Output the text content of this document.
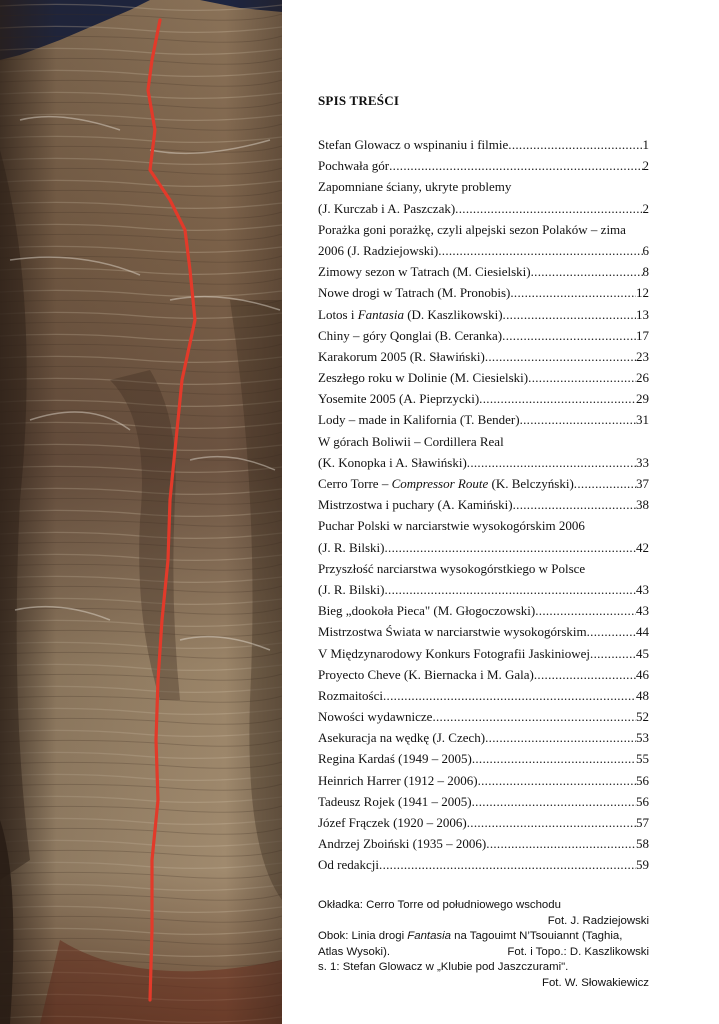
SPIS TREŚCI
Stefan Glowacz o wspinaniu i filmie .....	1
Pochwała gór .....	2
Zapomniane ściany, ukryte problemy
(J. Kurczab i A. Paszczak) .....	2
Porażka goni porażkę, czyli alpejski sezon Polaków – zima
2006 (J. Radziejowski) .....	6
Zimowy sezon w Tatrach (M. Ciesielski) .....	8
Nowe drogi w Tatrach (M. Pronobis) .....	12
Lotos i Fantasia (D. Kaszlikowski) .....	13
Chiny – góry Qonglai (B. Ceranka) .....	17
Karakorum 2005 (R. Sławiński) .....	23
Zeszłego roku w Dolinie (M. Ciesielski) .....	26
Yosemite 2005 (A. Pieprzycki) .....	29
Lody – made in Kalifornia (T. Bender) .....	31
W górach Boliwii – Cordillera Real
(K. Konopka i A. Sławiński) .....	33
Cerro Torre – Compressor Route (K. Belczyński) .....	37
Mistrzostwa i puchary (A. Kamiński) .....	38
Puchar Polski w narciarstwie wysokogórskim 2006
(J. R. Bilski) .....	42
Przyszłość narciarstwa wysokogórstkiego w Polsce
(J. R. Bilski) .....	43
Bieg „dookoła Pieca" (M. Głogoczowski) .....	43
Mistrzostwa Świata w narciarstwie wysokogórskim .....	44
V Międzynarodowy Konkurs Fotografii Jaskiniowej .....	45
Proyecto Cheve (K. Biernacka i M. Gala) .....	46
Rozmaitości .....	48
Nowości wydawnicze .....	52
Asekuracja na wędkę (J. Czech) .....	53
Regina Kardaś (1949 – 2005) .....	55
Heinrich Harrer (1912 – 2006) .....	56
Tadeusz Rojek (1941 – 2005) .....	56
Józef Frączek (1920 – 2006) .....	57
Andrzej Zboiński (1935 – 2006) .....	58
Od redakcji .....	59
Okładka: Cerro Torre od południowego wschodu
Fot. J. Radziejowski
Obok: Linia drogi Fantasia na Tagouimt N’Tsouiannt (Taghia,
Atlas Wysoki).	Fot. i Topo.: D. Kaszlikowski
s. 1: Stefan Glowacz w „Klubie pod Jaszczurami".
Fot. W. Słowakiewicz
